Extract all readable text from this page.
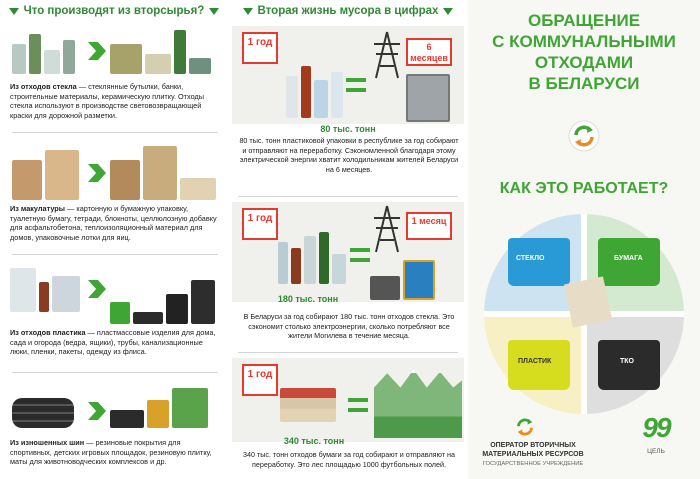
Что производят из вторсырья?
Из отходов стекла — стеклянные бутылки, банки, строительные материалы, керамическую плитку. Отходы стекла используют в производстве световозвращающей краски для дорожной разметки.
Из макулатуры — картонную и бумажную упаковку, туалетную бумагу, тетради, блокноты, целлюлозную добавку для асфальтобетона, теплоизоляционный материал для домов, упаковочные лотки для яиц.
Из отходов пластика — пластмассовые изделия для дома, сада и огорода (ведра, ящики), трубы, канализационные люки, пленки, пакеты, одежду из флиса.
Из изношенных шин — резиновые покрытия для спортивных, детских игровых площадок, резиновую плитку, маты для животноводческих комплексов и др.
Вторая жизнь мусора в цифрах
1 год	6 месяцев
80 тыс. тонн
80 тыс. тонн пластиковой упаковки в республике за год собирают и отправляют на переработку. Сэкономленной благодаря этому электрической энергии хватит холодильникам жителей Беларуси на 6 месяцев.
1 год	1 месяц
180 тыс. тонн
В Беларуси за год собирают 180 тыс. тонн отходов стекла. Это сэкономит столько электроэнергии, сколько потребляют все жители Могилева в течение месяца.
1 год
340 тыс. тонн
340 тыс. тонн отходов бумаги за год собирают и отправляют на переработку. Это лес площадью 1000 футбольных полей.
ОБРАЩЕНИЕ
С КОММУНАЛЬНЫМИ
ОТХОДАМИ
В БЕЛАРУСИ
КАК ЭТО РАБОТАЕТ?
СТЕКЛО	БУМАГА
ПЛАСТИК	ТКО
ОПЕРАТОР ВТОРИЧНЫХ МАТЕРИАЛЬНЫХ РЕСУРСОВ
ГОСУДАРСТВЕННОЕ УЧРЕЖДЕНИЕ
99
ЦЕЛЬ
